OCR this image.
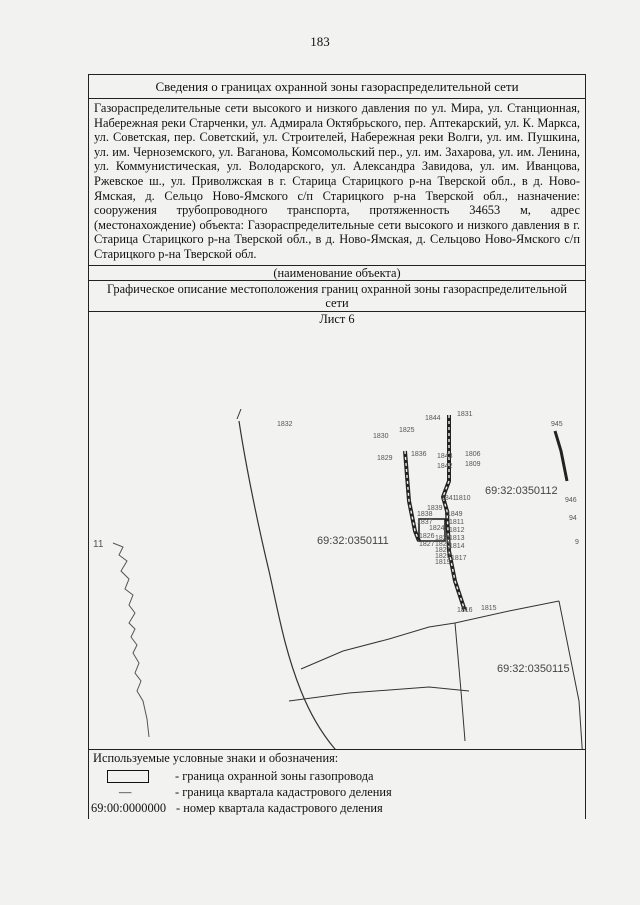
183
Сведения о границах охранной зоны газораспределительной сети
Газораспределительные сети высокого и низкого давления по ул. Мира, ул. Станционная, Набережная реки Старченки, ул. Адмирала Октябрьского, пер. Аптекарский, ул. К. Маркса, ул. Советская, пер. Советский, ул. Строителей, Набережная реки Волги, ул. им. Пушкина, ул. им. Черноземского, ул. Ваганова, Комсомольский пер., ул. им. Захарова, ул. им. Ленина, ул. Коммунистическая, ул. Володарского, ул. Александра Завидова, ул. им. Иванцова, Ржевское ш., ул. Приволжская в г. Старица Старицкого р-на Тверской обл., в д. Ново-Ямская, д. Сельцо Ново-Ямского с/п Старицкого р-на Тверской обл., назначение: сооружения трубопроводного транспорта, протяженность 34653 м, адрес (местонахождение) объекта: Газораспределительные сети высокого и низкого давления в г. Старица Старицкого р-на Тверской обл., в д. Ново-Ямская, д. Сельцово Ново-Ямского с/п Старицкого р-на Тверской обл.
(наименование объекта)
Графическое описание местоположения границ охранной зоны газораспределительной сети
Лист 6
1832
1844
1831
1830
1825
1829
1836 1843 1806
1809
1842
1841
1810
1839
1838 1849
1837 1811
1824 1812
1813
1826
1827
1822
1823
1814
1821
1820
1819
1817
1816 1815
945
946
94
9
11
69:32:0350112
69:32:0350111
69:32:0350115
Используемые условные знаки и обозначения:
- граница охранной зоны газопровода
—	- граница квартала кадастрового деления
69:00:0000000 - номер квартала кадастрового деления
